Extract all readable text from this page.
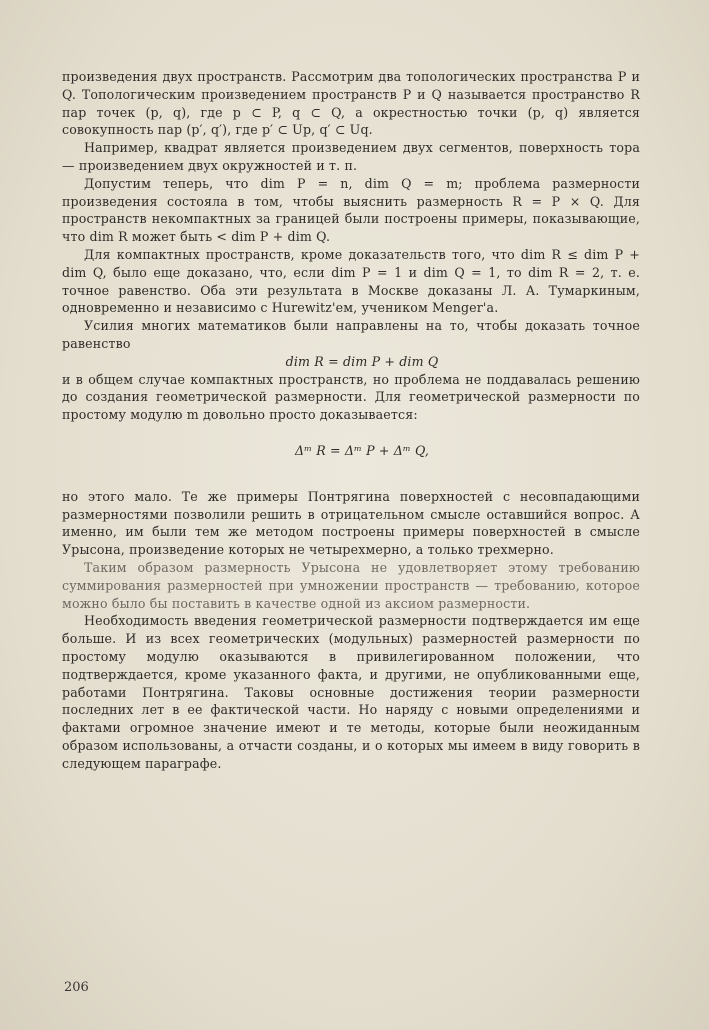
произведения двух пространств. Рассмотрим два топологических пространства P и Q. Топологическим произведением пространств P и Q называется пространство R пар точек (p, q), где p ⊂ P, q ⊂ Q, а окрестностью точки (p, q) является совокупность пар (p′, q′), где p′ ⊂ Up, q′ ⊂ Uq.

Например, квадрат является произведением двух сегментов, поверхность тора — произведением двух окружностей и т. п.

Допустим теперь, что dim P = n, dim Q = m; проблема размерности произведения состояла в том, чтобы выяснить размерность R = P × Q. Для пространств некомпактных за границей были построены примеры, показывающие, что dim R может быть < dim P + dim Q.

Для компактных пространств, кроме доказательств того, что dim R ≤ dim P + dim Q, было еще доказано, что, если dim P = 1 и dim Q = 1, то dim R = 2, т. е. точное равенство. Оба эти результата в Москве доказаны Л. А. Тумаркиным, одновременно и независимо с Hurewitz'ем, учеником Menger'а.

Усилия многих математиков были направлены на то, чтобы доказать точное равенство

dim R = dim P + dim Q

и в общем случае компактных пространств, но проблема не поддавалась решению до создания геометрической размерности. Для геометрической размерности по простому модулю m довольно просто доказывается:

Δᵐ R = Δᵐ P + Δᵐ Q,

но этого мало. Те же примеры Понтрягина поверхностей с несовпадающими размерностями позволили решить в отрицательном смысле оставшийся вопрос. А именно, им были тем же методом построены примеры поверхностей в смысле Урысона, произведение которых не четырехмерно, а только трехмерно.

Таким образом размерность Урысона не удовлетворяет этому требованию суммирования размерностей при умножении пространств — требованию, которое можно было бы поставить в качестве одной из аксиом размерности.

Необходимость введения геометрической размерности подтверждается им еще больше. И из всех геометрических (модульных) размерностей размерности по простому модулю оказываются в привилегированном положении, что подтверждается, кроме указанного факта, и другими, не опубликованными еще, работами Понтрягина. Таковы основные достижения теории размерности последних лет в ее фактической части. Но наряду с новыми определениями и фактами огромное значение имеют и те методы, которые были неожиданным образом использованы, а отчасти созданы, и о которых мы имеем в виду говорить в следующем параграфе.

206
